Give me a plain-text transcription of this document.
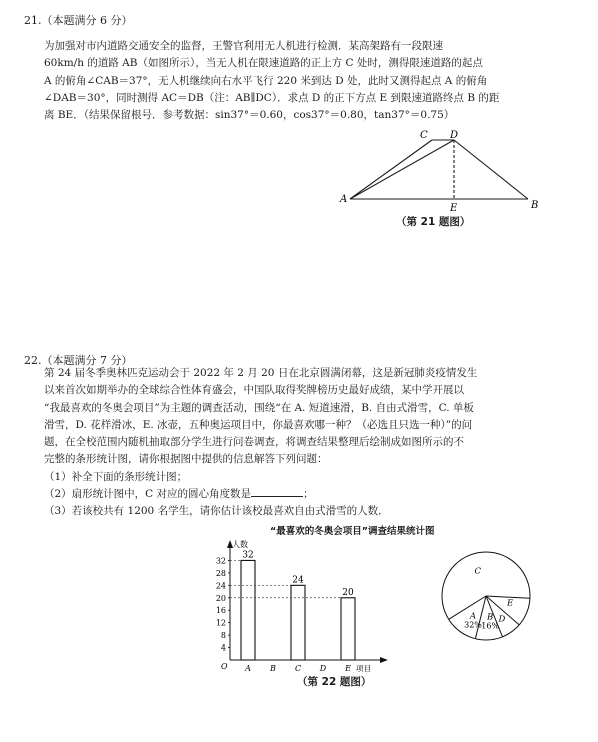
21.（本题满分 6 分）
为加强对市内道路交通安全的监督，王警官利用无人机进行检测．某高架路有一段限速
60km/h 的道路 AB（如图所示），当无人机在限速道路的正上方 C 处时，测得限速道路的起点
A 的俯角∠CAB＝37°，无人机继续向右水平飞行 220 米到达 D 处，此时又测得起点 A 的俯角
∠DAB＝30°，同时测得 AC＝DB（注：AB∥DC）．求点 D 的正下方点 E 到限速道路终点 B 的距
离 BE．（结果保留根号．参考数据：sin37°＝0.60，cos37°＝0.80，tan37°＝0.75）
A
B
C D
E
（第 21 题图）
22.（本题满分 7 分）
第 24 届冬季奥林匹克运动会于 2022 年 2 月 20 日在北京圆满闭幕，这是新冠肺炎疫情发生
以来首次如期举办的全球综合性体育盛会，中国队取得奖牌榜历史最好成绩，某中学开展以
“我最喜欢的冬奥会项目”为主题的调查活动，围绕“在 A. 短道速滑，B. 自由式滑雪，C. 单板
滑雪，D. 花样滑冰，E. 冰壶，五种奥运项目中，你最喜欢哪一种？（必选且只选一种）”的问
题，在全校范围内随机抽取部分学生进行问卷调查，将调查结果整理后绘制成如图所示的不
完整的条形统计图，请你根据图中提供的信息解答下列问题：
（1）补全下面的条形统计图；
（2）扇形统计图中，C 对应的圆心角度数是	；
（3）若该校共有 1200 名学生，请你估计该校最喜欢自由式滑雪的人数．
“最喜欢的冬奥会项目”调查结果统计图
人数
O
4
8
12
16
20
24
28
32
A
32
B C
24
D E
20
项目
A
32%
B
16%
C
D
E
（第 22 题图）
